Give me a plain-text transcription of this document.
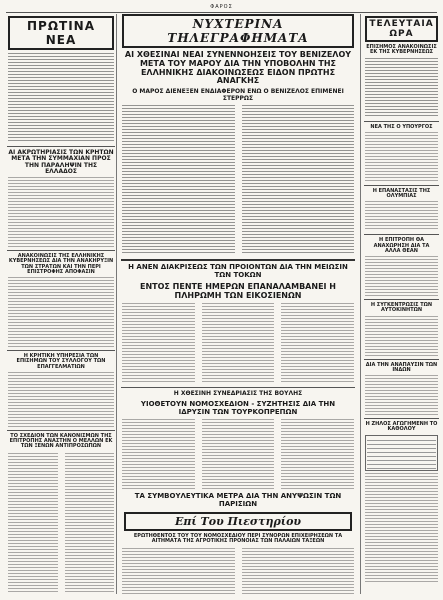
ΦΑΡΟΣ
ΠΡΩΤΙΝΑ ΝΕΑ
ΑΙ ΑΚΡΩΤΗΡΙΑΣΙΣ ΤΩΝ ΚΡΗΤΩΝ ΜΕΤΑ ΤΗΝ ΣΥΜΜΑΧΙΑΝ ΠΡΟΣ ΤΗΝ ΠΑΡΑΛΗΨΙΝ ΤΗΣ ΕΛΛΑΔΟΣ
ΑΝΑΚΟΙΝΩΣΙΣ ΤΗΣ ΕΛΛΗΝΙΚΗΣ ΚΥΒΕΡΝΗΣΕΩΣ ΔΙΑ ΤΗΝ ΑΝΑΚΗΡΥΞΙΝ ΤΩΝ ΣΤΡΑΤΩΝ ΚΑΙ ΤΗΝ ΠΕΡΙ ΕΠΙΣΤΡΟΦΗΣ ΑΠΟΦΑΣΙΝ
Η ΚΡΗΤΙΚΗ ΥΠΗΡΕΣΙΑ ΤΩΝ ΕΠΙΣΗΜΩΝ ΤΟΥ ΣΥΛΛΟΓΟΥ ΤΩΝ ΕΠΑΓΓΕΛΜΑΤΙΩΝ
ΤΟ ΣΧΕΔΙΟΝ ΤΩΝ ΚΑΝΟΝΙΣΜΩΝ ΤΗΣ ΕΠΙΤΡΟΠΗΣ ΑΝΑΣΤΗΝ Ο ΜΕΛΛΩΝ ΕΚ ΤΩΝ ΞΕΝΩΝ ΑΝΤΙΠΡΟΣΩΠΩΝ
ΝΥΧΤΕΡΙΝΑ ΤΗΛΕΓΡΑΦΗΜΑΤΑ
ΑΙ ΧΘΕΣΙΝΑΙ ΝΕΑΙ ΣΥΝΕΝΝΟΗΣΕΙΣ ΤΟΥ ΒΕΝΙΖΕΛΟΥ ΜΕΤΑ ΤΟΥ ΜΑΡΟΥ ΔΙΑ ΤΗΝ ΥΠΟΒΟΛΗΝ ΤΗΣ ΕΛΛΗΝΙΚΗΣ ΔΙΑΚΟΙΝΩΣΕΩΣ ΕΙΔΟΝ ΠΡΩΤΗΣ ΑΝΑΓΚΗΣ
Ο ΜΑΡΟΣ ΔΙΕΝΕΞΕΝ ΕΝΔΙΑΦΕΡΟΝ ΕΝΩ Ο ΒΕΝΙΖΕΛΟΣ ΕΠΙΜΕΝΕΙ ΣΤΕΡΡΩΣ
Η ΑΝΕΝ ΔΙΑΚΡΙΣΕΩΣ ΤΩΝ ΠΡΟΙΟΝΤΩΝ ΔΙΑ ΤΗΝ ΜΕΙΩΣΙΝ ΤΩΝ ΤΟΚΩΝ
ΕΝΤΟΣ ΠΕΝΤΕ ΗΜΕΡΩΝ ΕΠΑΝΑΛΑΜΒΑΝΕΙ Η ΠΛΗΡΩΜΗ ΤΩΝ ΕΙΚΟΣΙΕΝΩΝ
Η ΧΘΕΣΙΝΗ ΣΥΝΕΔΡΙΑΣΙΣ ΤΗΣ ΒΟΥΛΗΣ
ΥΙΟΘΕΤΟΥΝ ΝΟΜΟΣΧΕΔΙΟΝ - ΣΥΖΗΤΗΣΙΣ ΔΙΑ ΤΗΝ ΙΔΡΥΣΙΝ ΤΩΝ ΤΟΥΡΚΟΠΡΕΠΩΝ
ΤΑ ΣΥΜΒΟΥΛΕΥΤΙΚΑ ΜΕΤΡΑ ΔΙΑ ΤΗΝ ΑΝΥΨΩΣΙΝ ΤΩΝ ΠΑΡΙΣΙΩΝ
Επί Του Πιεστηρίου
ΕΡΩΤΗΘΕΝΤΟΣ ΤΟΥ ΤΟΥ ΝΟΜΟΣΧΕΔΙΟΥ ΠΕΡΙ ΣΥΝΟΡΩΝ ΕΠΙΧΕΙΡΗΣΕΩΝ ΤΑ ΑΙΤΗΜΑΤΑ ΤΗΣ ΑΓΡΟΤΙΚΗΣ ΠΡΟΝΟΙΑΣ ΤΩΝ ΠΑΛΑΙΩΝ ΤΑΞΕΩΝ
ΤΕΛΕΥΤΑΙΑ ΩΡΑ
ΕΠΙΣΗΜΟΣ ΑΝΑΚΟΙΝΩΣΙΣ ΕΚ ΤΗΣ ΚΥΒΕΡΝΗΣΕΩΣ
ΝΕΑ ΤΗΣ Ο ΥΠΟΥΡΓΟΣ
Η ΕΠΑΝΑΣΤΑΣΙΣ ΤΗΣ ΟΛΥΜΠΙΑΣ
Η ΕΠΙΤΡΟΠΗ ΘΑ ΑΝΑΧΩΡΗΣΗ ΔΙΑ ΤΑ ΑΛΛΑ ΘΕΑΝ
Η ΣΥΓΚΕΝΤΡΩΣΙΣ ΤΩΝ ΑΥΤΟΚΙΝΗΤΩΝ
ΔΙΑ ΤΗΝ ΑΝΑΠΑΥΣΙΝ ΤΩΝ ΙΝΔΩΝ
Η ΖΗΛΟΣ ΑΓΩΓΗΜΕΝΗ ΤΟ ΚΑΘΟΛΟΥ
